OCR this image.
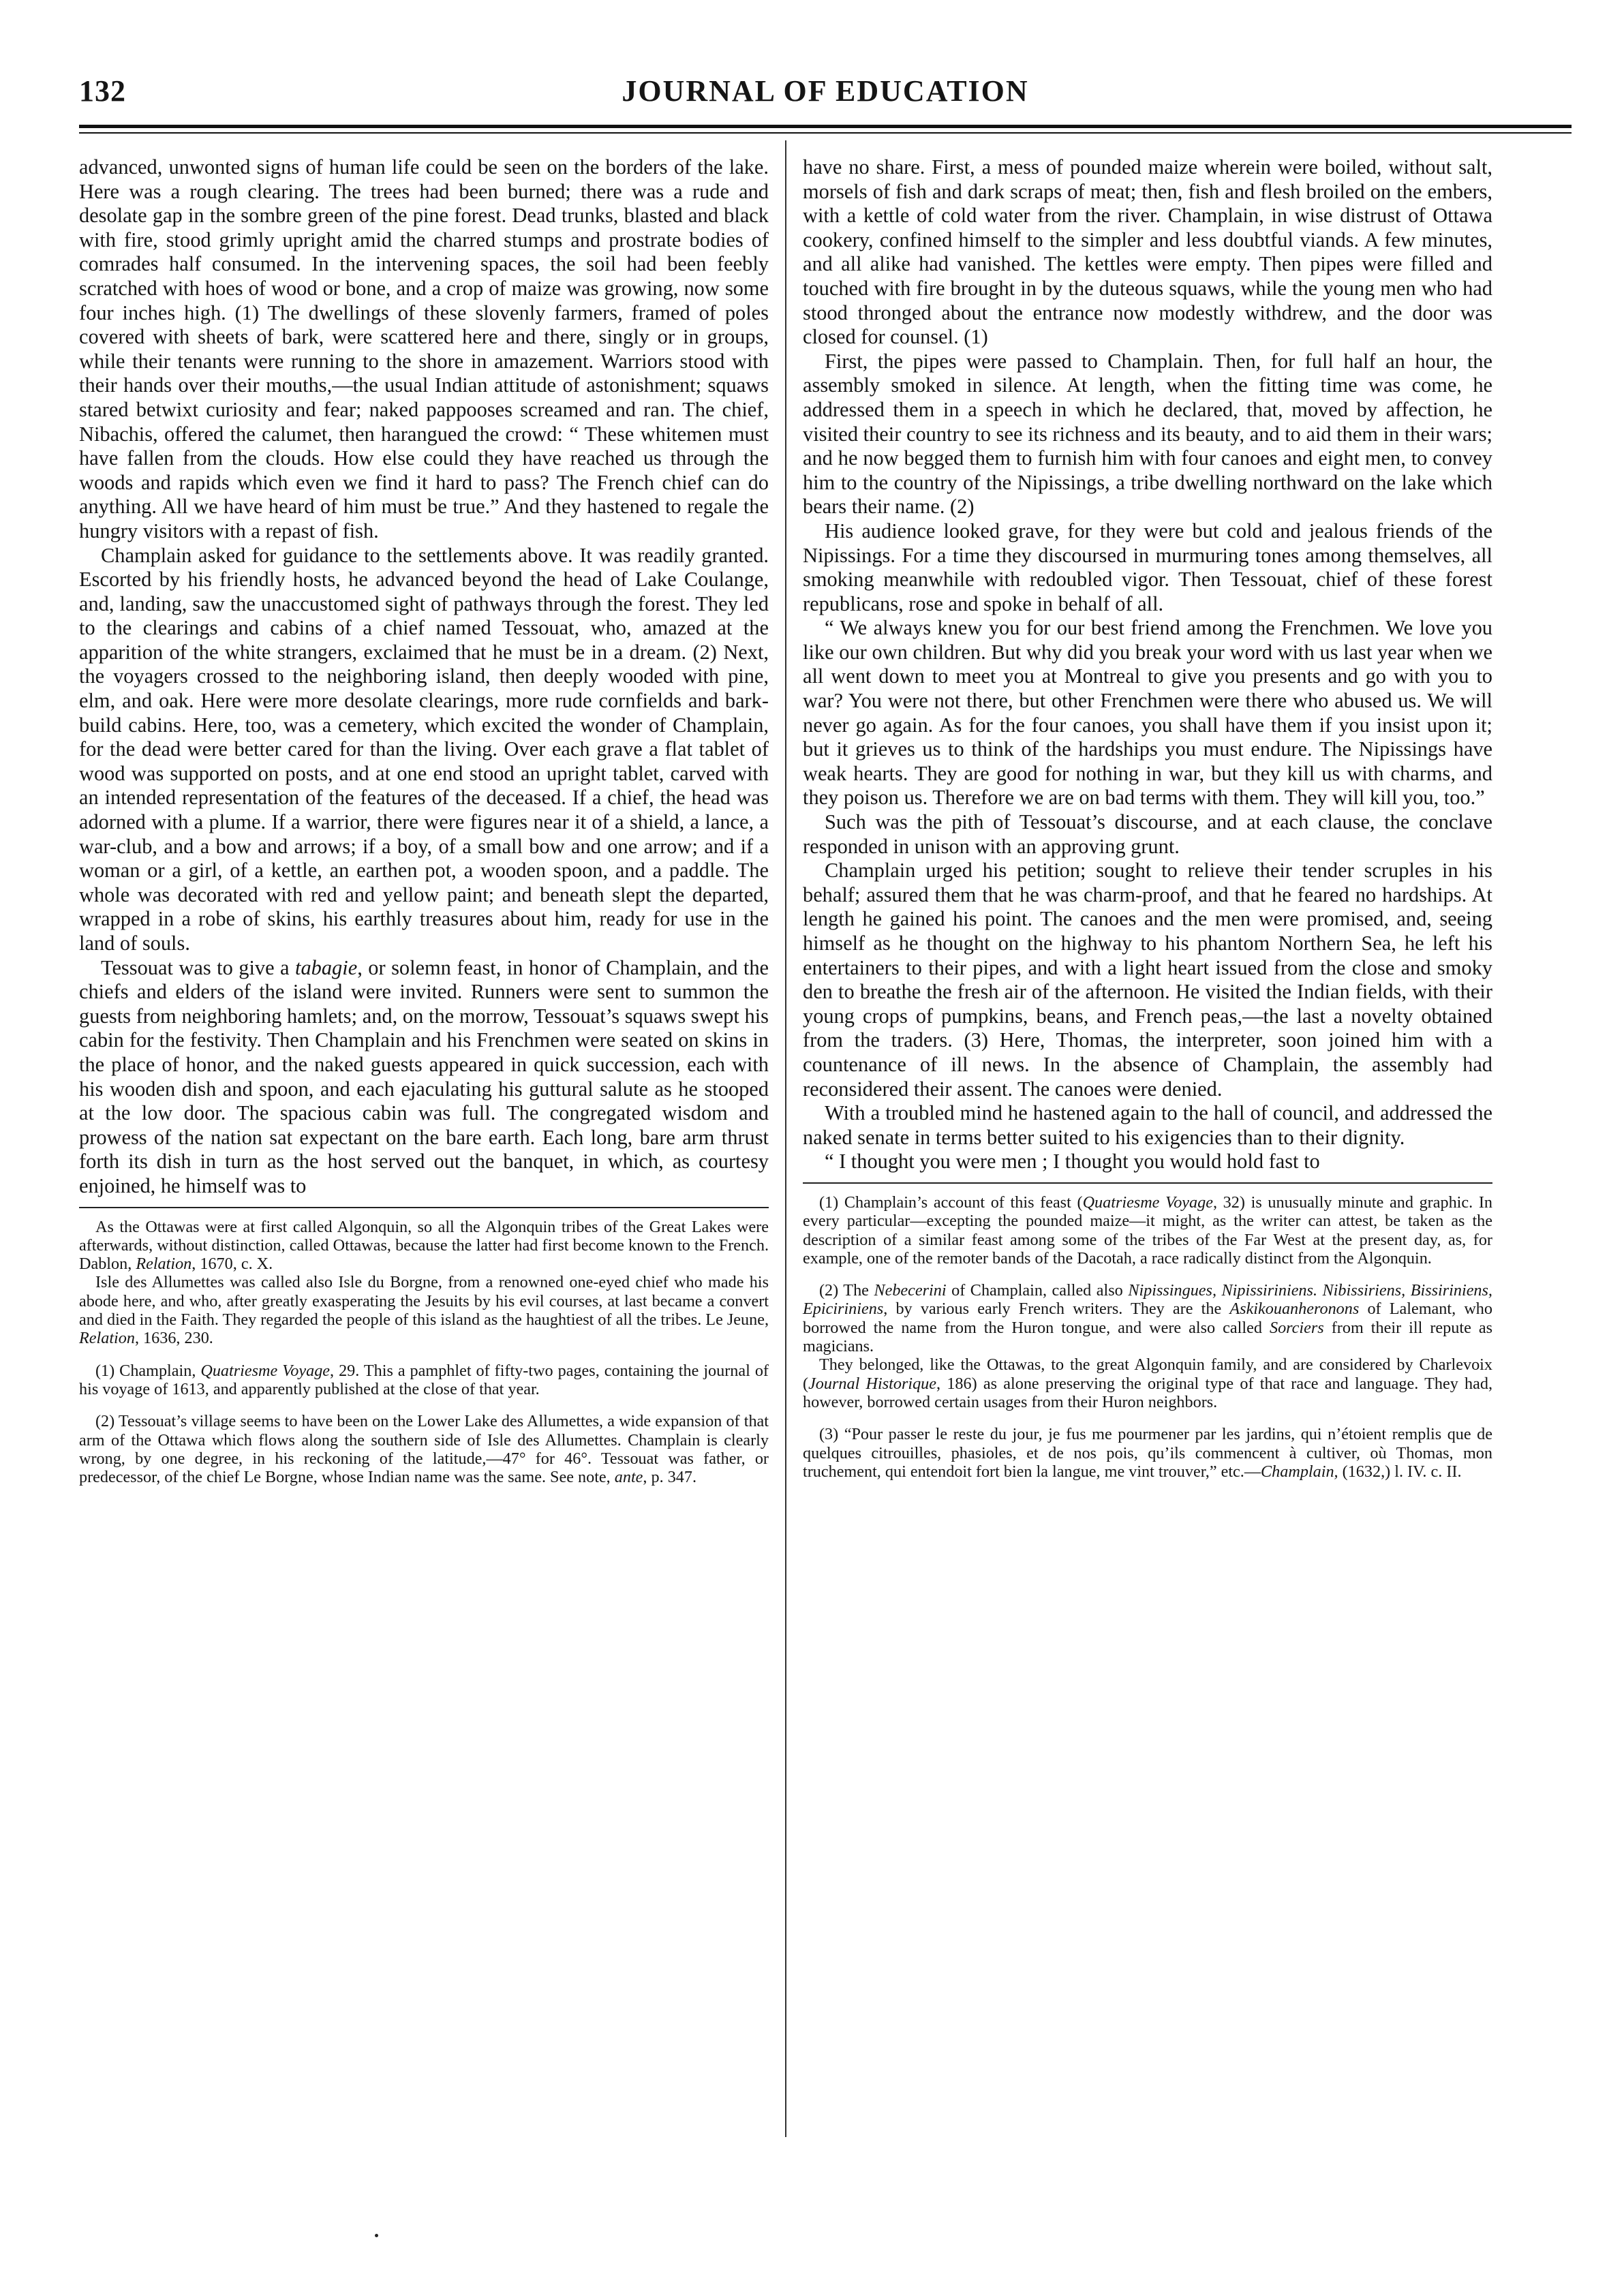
132	JOURNAL OF EDUCATION

advanced, unwonted signs of human life could be seen on the borders of the lake. Here was a rough clearing. The trees had been burned; there was a rude and desolate gap in the sombre green of the pine forest. Dead trunks, blasted and black with fire, stood grimly upright amid the charred stumps and prostrate bodies of comrades half consumed. In the intervening spaces, the soil had been feebly scratched with hoes of wood or bone, and a crop of maize was growing, now some four inches high. (1) The dwellings of these slovenly farmers, framed of poles covered with sheets of bark, were scattered here and there, singly or in groups, while their tenants were running to the shore in amazement. Warriors stood with their hands over their mouths,—the usual Indian attitude of astonishment; squaws stared betwixt curiosity and fear; naked pappooses screamed and ran. The chief, Nibachis, offered the calumet, then harangued the crowd: “ These whitemen must have fallen from the clouds. How else could they have reached us through the woods and rapids which even we find it hard to pass? The French chief can do anything. All we have heard of him must be true.” And they hastened to regale the hungry visitors with a repast of fish.

Champlain asked for guidance to the settlements above. It was readily granted. Escorted by his friendly hosts, he advanced beyond the head of Lake Coulange, and, landing, saw the unaccustomed sight of pathways through the forest. They led to the clearings and cabins of a chief named Tessouat, who, amazed at the apparition of the white strangers, exclaimed that he must be in a dream. (2) Next, the voyagers crossed to the neighboring island, then deeply wooded with pine, elm, and oak. Here were more desolate clearings, more rude cornfields and bark-build cabins. Here, too, was a cemetery, which excited the wonder of Champlain, for the dead were better cared for than the living. Over each grave a flat tablet of wood was supported on posts, and at one end stood an upright tablet, carved with an intended representation of the features of the deceased. If a chief, the head was adorned with a plume. If a warrior, there were figures near it of a shield, a lance, a war-club, and a bow and arrows; if a boy, of a small bow and one arrow; and if a woman or a girl, of a kettle, an earthen pot, a wooden spoon, and a paddle. The whole was decorated with red and yellow paint; and beneath slept the departed, wrapped in a robe of skins, his earthly treasures about him, ready for use in the land of souls.

Tessouat was to give a tabagie, or solemn feast, in honor of Champlain, and the chiefs and elders of the island were invited. Runners were sent to summon the guests from neighboring hamlets; and, on the morrow, Tessouat’s squaws swept his cabin for the festivity. Then Champlain and his Frenchmen were seated on skins in the place of honor, and the naked guests appeared in quick succession, each with his wooden dish and spoon, and each ejaculating his guttural salute as he stooped at the low door. The spacious cabin was full. The congregated wisdom and prowess of the nation sat expectant on the bare earth. Each long, bare arm thrust forth its dish in turn as the host served out the banquet, in which, as courtesy enjoined, he himself was to

As the Ottawas were at first called Algonquin, so all the Algonquin tribes of the Great Lakes were afterwards, without distinction, called Ottawas, because the latter had first become known to the French. Dablon, Relation, 1670, c. X.

Isle des Allumettes was called also Isle du Borgne, from a renowned one-eyed chief who made his abode here, and who, after greatly exasperating the Jesuits by his evil courses, at last became a convert and died in the Faith. They regarded the people of this island as the haughtiest of all the tribes. Le Jeune, Relation, 1636, 230.

(1) Champlain, Quatriesme Voyage, 29. This a pamphlet of fifty-two pages, containing the journal of his voyage of 1613, and apparently published at the close of that year.

(2) Tessouat’s village seems to have been on the Lower Lake des Allumettes, a wide expansion of that arm of the Ottawa which flows along the southern side of Isle des Allumettes. Champlain is clearly wrong, by one degree, in his reckoning of the latitude,—47° for 46°. Tessouat was father, or predecessor, of the chief Le Borgne, whose Indian name was the same. See note, ante, p. 347.

have no share. First, a mess of pounded maize wherein were boiled, without salt, morsels of fish and dark scraps of meat; then, fish and flesh broiled on the embers, with a kettle of cold water from the river. Champlain, in wise distrust of Ottawa cookery, confined himself to the simpler and less doubtful viands. A few minutes, and all alike had vanished. The kettles were empty. Then pipes were filled and touched with fire brought in by the duteous squaws, while the young men who had stood thronged about the entrance now modestly withdrew, and the door was closed for counsel. (1)

First, the pipes were passed to Champlain. Then, for full half an hour, the assembly smoked in silence. At length, when the fitting time was come, he addressed them in a speech in which he declared, that, moved by affection, he visited their country to see its richness and its beauty, and to aid them in their wars; and he now begged them to furnish him with four canoes and eight men, to convey him to the country of the Nipissings, a tribe dwelling northward on the lake which bears their name. (2)

His audience looked grave, for they were but cold and jealous friends of the Nipissings. For a time they discoursed in murmuring tones among themselves, all smoking meanwhile with redoubled vigor. Then Tessouat, chief of these forest republicans, rose and spoke in behalf of all.

“ We always knew you for our best friend among the Frenchmen. We love you like our own children. But why did you break your word with us last year when we all went down to meet you at Montreal to give you presents and go with you to war? You were not there, but other Frenchmen were there who abused us. We will never go again. As for the four canoes, you shall have them if you insist upon it; but it grieves us to think of the hardships you must endure. The Nipissings have weak hearts. They are good for nothing in war, but they kill us with charms, and they poison us. Therefore we are on bad terms with them. They will kill you, too.”

Such was the pith of Tessouat’s discourse, and at each clause, the conclave responded in unison with an approving grunt.

Champlain urged his petition; sought to relieve their tender scruples in his behalf; assured them that he was charm-proof, and that he feared no hardships. At length he gained his point. The canoes and the men were promised, and, seeing himself as he thought on the highway to his phantom Northern Sea, he left his entertainers to their pipes, and with a light heart issued from the close and smoky den to breathe the fresh air of the afternoon. He visited the Indian fields, with their young crops of pumpkins, beans, and French peas,—the last a novelty obtained from the traders. (3) Here, Thomas, the interpreter, soon joined him with a countenance of ill news. In the absence of Champlain, the assembly had reconsidered their assent. The canoes were denied.

With a troubled mind he hastened again to the hall of council, and addressed the naked senate in terms better suited to his exigencies than to their dignity.

“ I thought you were men ; I thought you would hold fast to

(1) Champlain’s account of this feast (Quatriesme Voyage, 32) is unusually minute and graphic. In every particular—excepting the pounded maize—it might, as the writer can attest, be taken as the description of a similar feast among some of the tribes of the Far West at the present day, as, for example, one of the remoter bands of the Dacotah, a race radically distinct from the Algonquin.

(2) The Nebecerini of Champlain, called also Nipissingues, Nipissiriniens. Nibissiriens, Bissiriniens, Epiciriniens, by various early French writers. They are the Askikouanheronons of Lalemant, who borrowed the name from the Huron tongue, and were also called Sorciers from their ill repute as magicians.

They belonged, like the Ottawas, to the great Algonquin family, and are considered by Charlevoix (Journal Historique, 186) as alone preserving the original type of that race and language. They had, however, borrowed certain usages from their Huron neighbors.

(3) “Pour passer le reste du jour, je fus me pourmener par les jardins, qui n’étoient remplis que de quelques citrouilles, phasioles, et de nos pois, qu’ils commencent à cultiver, où Thomas, mon truchement, qui entendoit fort bien la langue, me vint trouver,” etc.—Champlain, (1632,) l. IV. c. II.
